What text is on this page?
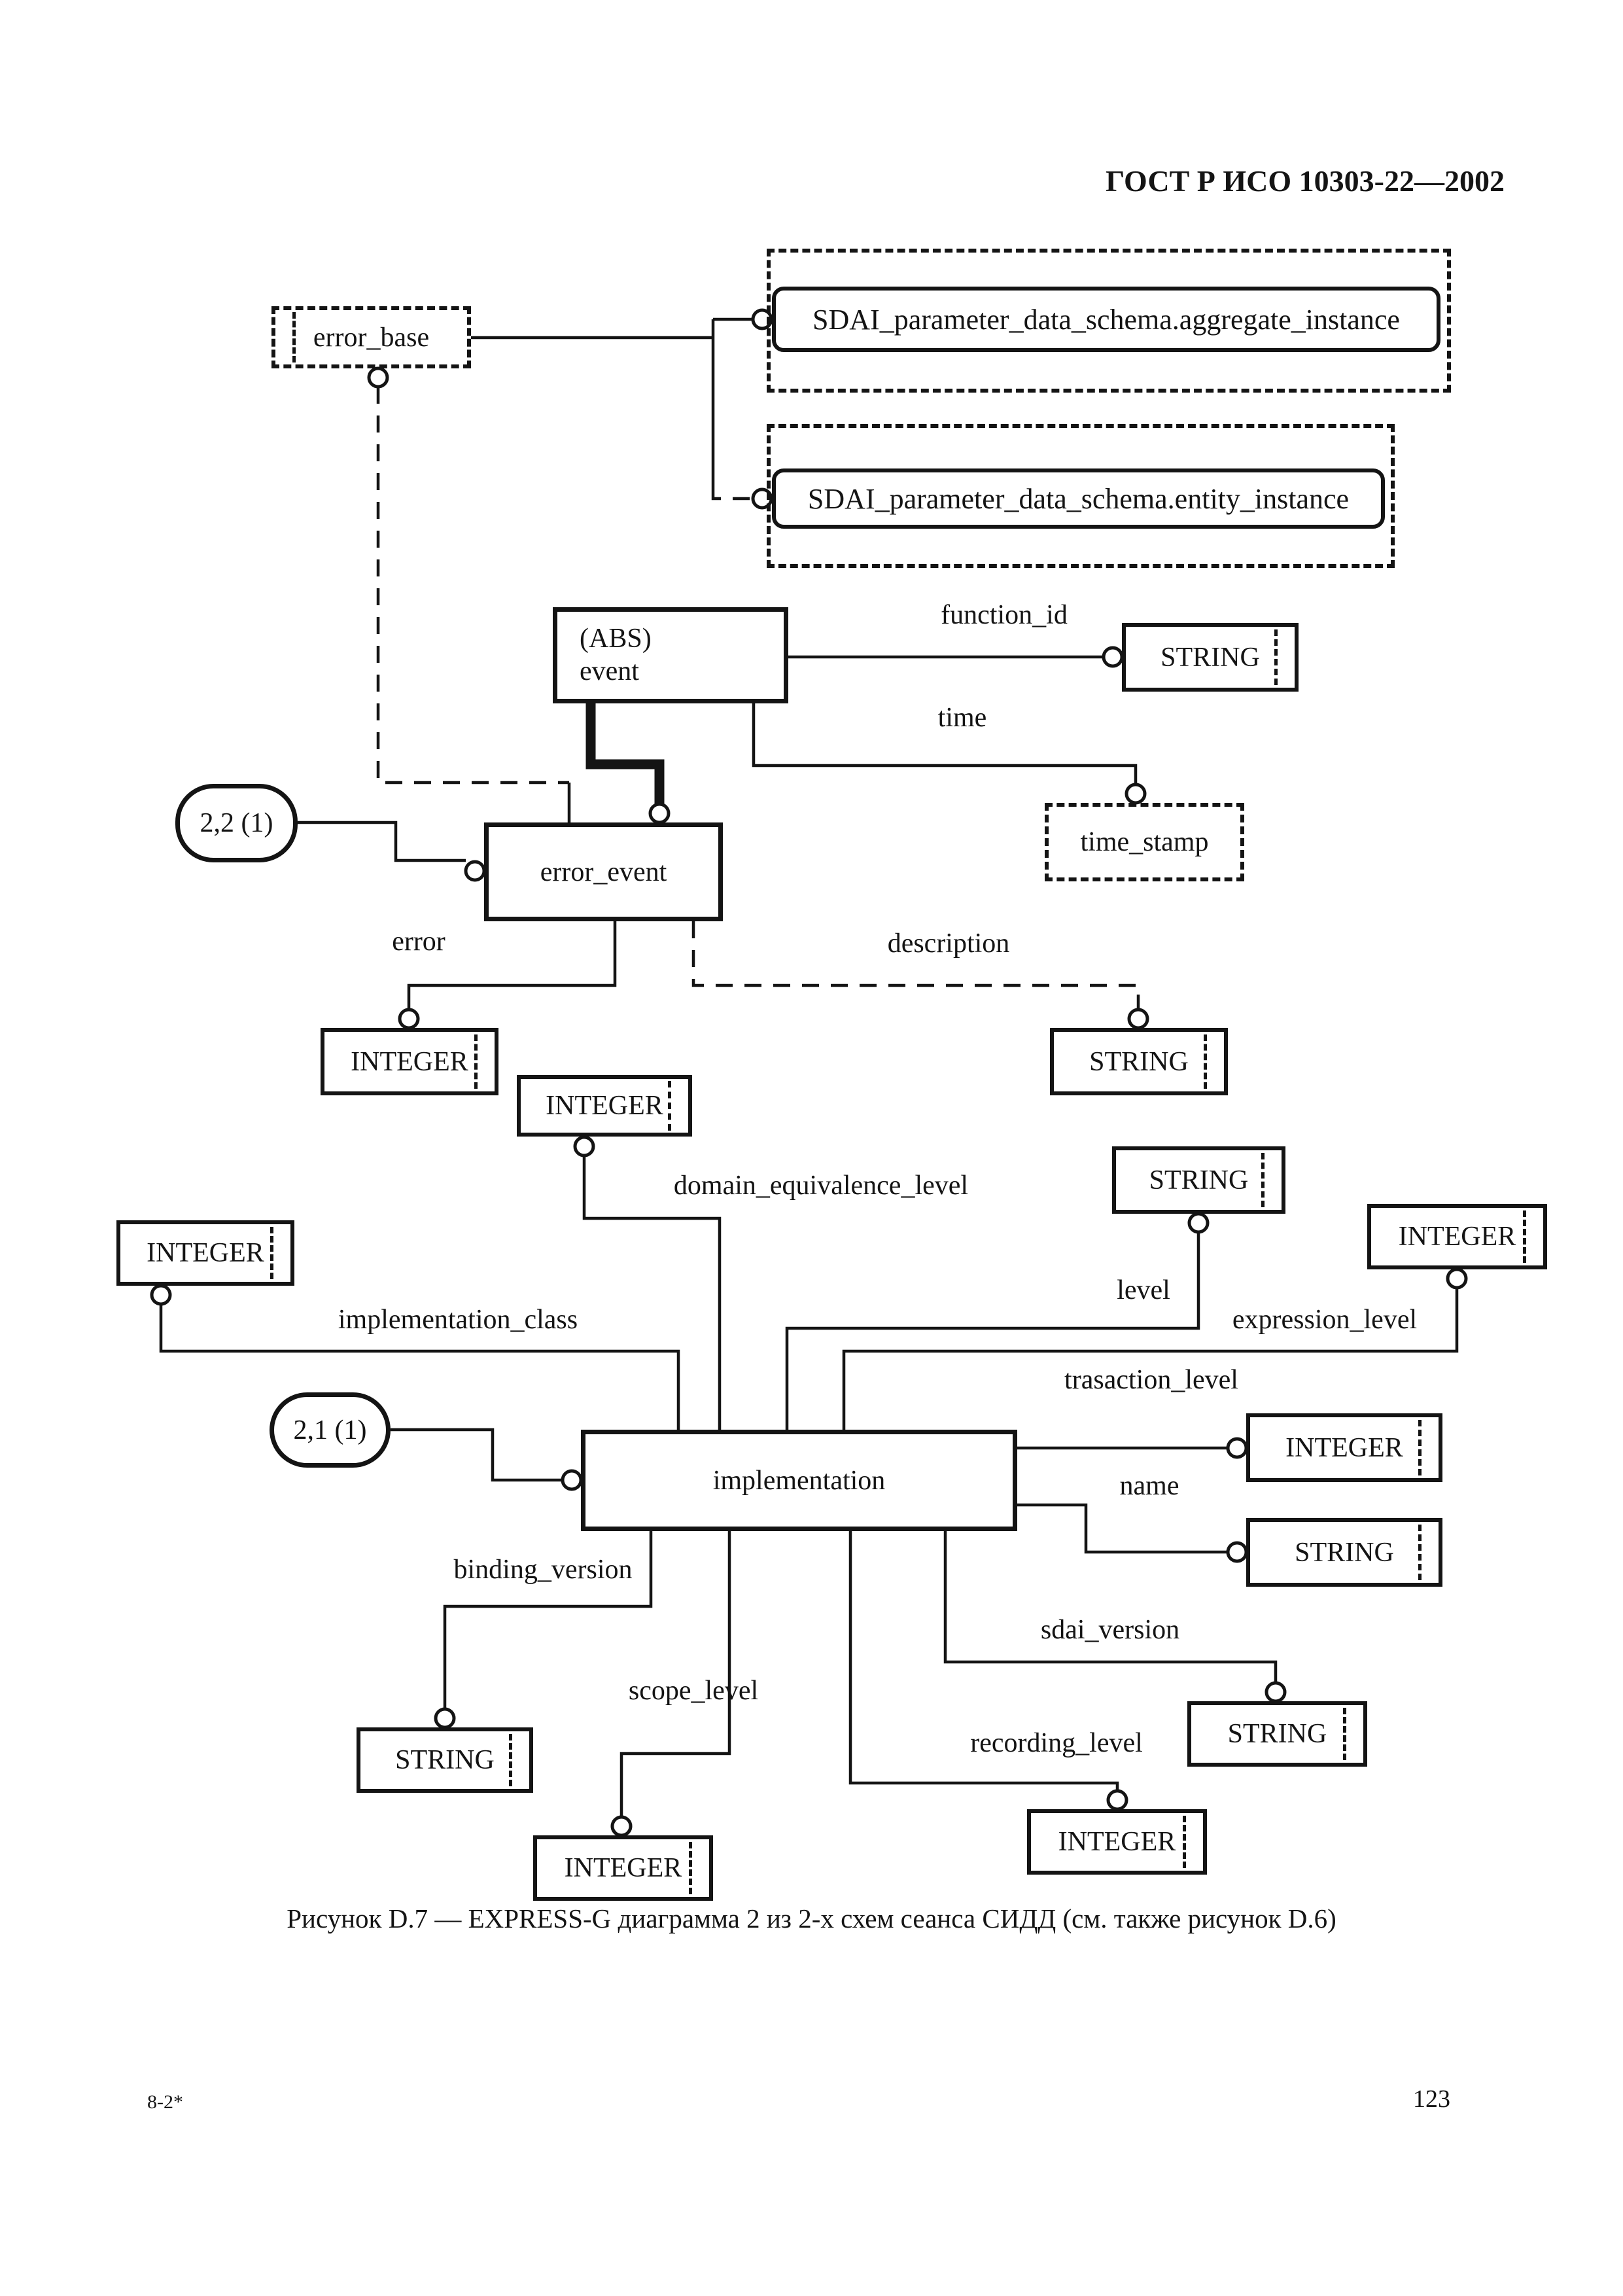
ГОСТ Р ИСО 10303-22—2002
Рисунок D.7 — EXPRESS-G диаграмма 2 из 2-х схем сеанса СИДД (см. также рисунок D.6)
8-2*	123
error_base
SDAI_parameter_data_schema.aggregate_instance
SDAI_parameter_data_schema.entity_instance
(ABS)
event	STRING
time_stamp
2,2 (1)
error_event
INTEGER	STRING
INTEGER
STRING
INTEGER
INTEGER
2,1 (1)
implementation
INTEGER
STRING
STRING
STRING
INTEGER
INTEGER
function_id
time
error	description
domain_equivalence_level
level
implementation_class	expression_level
trasaction_level
name
binding_version
scope_level
sdai_version
recording_level
